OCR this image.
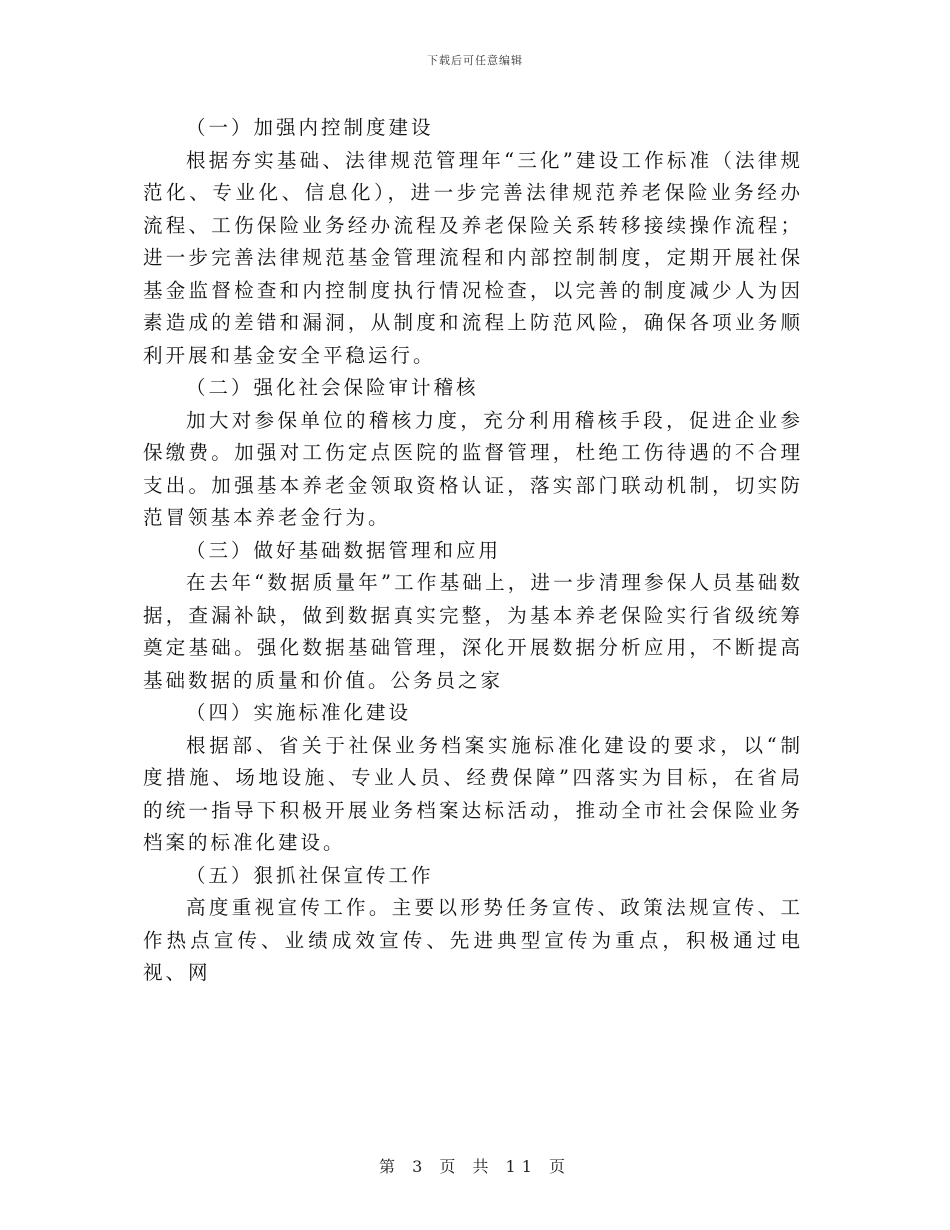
下载后可任意编辑

（一）加强内控制度建设

根据夯实基础、法律规范管理年“三化”建设工作标准（法律规范化、专业化、信息化），进一步完善法律规范养老保险业务经办流程、工伤保险业务经办流程及养老保险关系转移接续操作流程；进一步完善法律规范基金管理流程和内部控制制度，定期开展社保基金监督检查和内控制度执行情况检查，以完善的制度减少人为因素造成的差错和漏洞，从制度和流程上防范风险，确保各项业务顺利开展和基金安全平稳运行。

（二）强化社会保险审计稽核

加大对参保单位的稽核力度，充分利用稽核手段，促进企业参保缴费。加强对工伤定点医院的监督管理，杜绝工伤待遇的不合理支出。加强基本养老金领取资格认证，落实部门联动机制，切实防范冒领基本养老金行为。

（三）做好基础数据管理和应用

在去年“数据质量年”工作基础上，进一步清理参保人员基础数据，查漏补缺，做到数据真实完整，为基本养老保险实行省级统筹奠定基础。强化数据基础管理，深化开展数据分析应用，不断提高基础数据的质量和价值。公务员之家

（四）实施标准化建设

根据部、省关于社保业务档案实施标准化建设的要求，以“制度措施、场地设施、专业人员、经费保障”四落实为目标，在省局的统一指导下积极开展业务档案达标活动，推动全市社会保险业务档案的标准化建设。

（五）狠抓社保宣传工作

高度重视宣传工作。主要以形势任务宣传、政策法规宣传、工作热点宣传、业绩成效宣传、先进典型宣传为重点，积极通过电视、网

第 3 页 共 11 页
